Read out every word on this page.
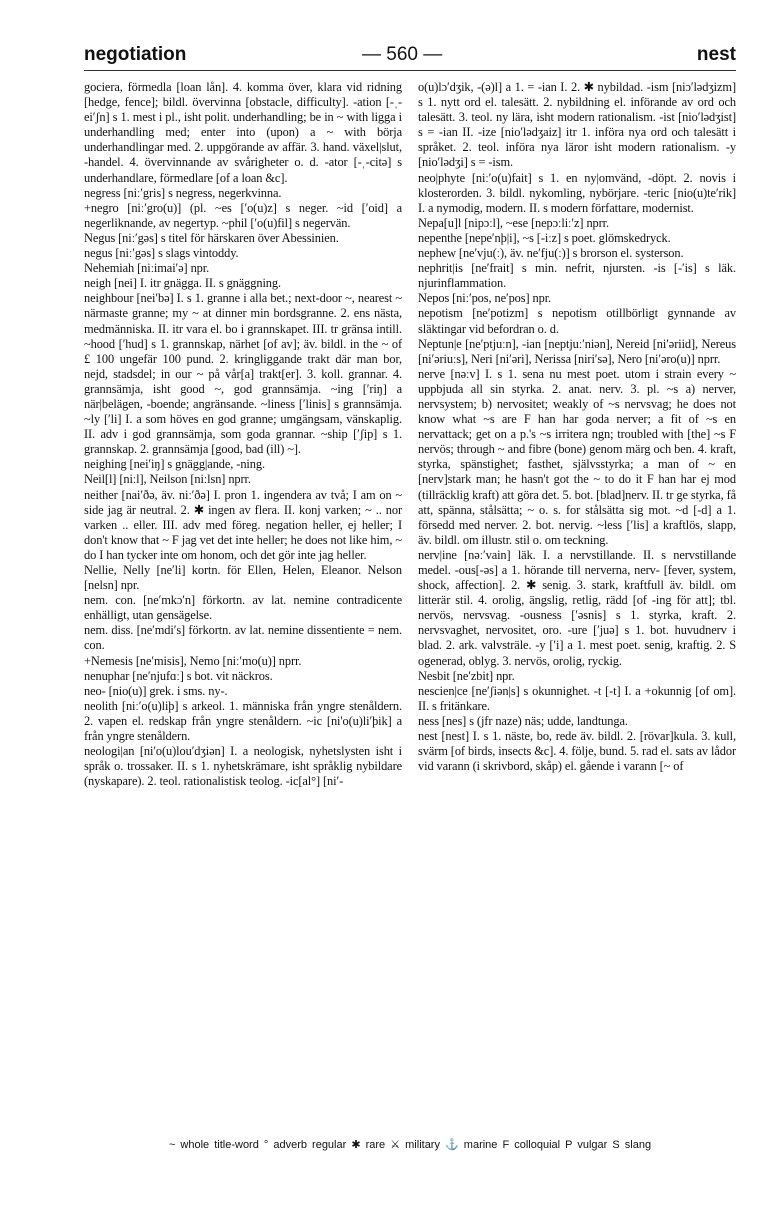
negotiation	— 560 —	nest

gociera, förmedla [loan lån]. 4. komma över, klara vid ridning [hedge, fence]; bildl. övervinna [obstacle, difficulty]. -ation [-ˌ-eiʹʃn] s 1. mest i pl., isht polit. underhandling; be in ~ with ligga i underhandling med; enter into (upon) a ~ with börja underhandlingar med. 2. uppgörande av affär. 3. hand. växel|slut, -handel. 4. övervinnande av svårigheter o. d. -ator [-ˌ-citə] s underhandlare, förmedlare [of a loan &c].

negress [niːʹgris] s negress, negerkvinna.

+negro [niːʹgro(u)] (pl. ~es [ʹo(u)z] s neger. ~id [ʹoid] a negerliknande, av negertyp. ~phil [ʹo(u)fil] s negervän.

Negus [niːʹgəs] s titel för härskaren över Abessinien.

negus [niːʹgəs] s slags vintoddy.

Nehemiah [niːimaiʹə] npr.

neigh [nei] I. itr gnägga. II. s gnäggning.

neighbour [neiʹbə] I. s 1. granne i alla bet.; next-door ~, nearest ~ närmaste granne; my ~ at dinner min bordsgranne. 2. ens nästa, medmänniska. II. itr vara el. bo i grannskapet. III. tr gränsa intill. ~hood [ʹhud] s 1. grannskap, närhet [of av]; äv. bildl. in the ~ of £ 100 ungefär 100 pund. 2. kringliggande trakt där man bor, nejd, stadsdel; in our ~ på vår[a] trakt[er]. 3. koll. grannar. 4. grannsämja, isht good ~, god grannsämja. ~ing [ʹriŋ] a när|belägen, -boende; angränsande. ~liness [ʹlinis] s grannsämja. ~ly [ʹli] I. a som höves en god granne; umgängsam, vänskaplig. II. adv i god grannsämja, som goda grannar. ~ship [ʹʃip] s 1. grannskap. 2. grannsämja [good, bad (ill) ~].

neighing [neiʹiŋ] s gnägg|ande, -ning.

Neil[l] [niːl], Neilson [niːlsn] nprr.

neither [naiʹðə, äv. niːʹðə] I. pron 1. ingendera av två; I am on ~ side jag är neutral. 2. ✱ ingen av flera. II. konj varken; ~ .. nor varken .. eller. III. adv med föreg. negation heller, ej heller; I don't know that ~ F jag vet det inte heller; he does not like him, ~ do I han tycker inte om honom, och det gör inte jag heller.

Nellie, Nelly [neʹli] kortn. för Ellen, Helen, Eleanor. Nelson [nelsn] npr.

nem. con. [neʹmkɔʹn] förkortn. av lat. nemine contradicente enhälligt, utan gensägelse.

nem. diss. [neʹmdiʹs] förkortn. av lat. nemine dissentiente = nem. con.

+Nemesis [neʹmisis], Nemo [niːʹmo(u)] nprr.

nenuphar [neʹnjufɑː] s bot. vit näckros.

neo- [nio(u)] grek. i sms. ny-.

neolith [niːʹo(u)liþ] s arkeol. 1. människa från yngre stenåldern. 2. vapen el. redskap från yngre stenåldern. ~ic [ni'o(u)liʹþik] a från yngre stenåldern.

neologi|an [niʹo(u)louʹdʒiən] I. a neologisk, nyhetslysten isht i språk o. trossaker. II. s 1. nyhetskrämare, isht språklig nybildare (nyskapare). 2. teol. rationalistisk teolog. -ic[al°] [niʹ-

o(u)lɔʹdʒik, -(ə)l] a 1. = -ian I. 2. ✱ nybildad. -ism [niɔʹlədʒizm] s 1. nytt ord el. talesätt. 2. nybildning el. införande av ord och talesätt. 3. teol. ny lära, isht modern rationalism. -ist [nioʹlədʒist] s = -ian II. -ize [nioʹlədʒaiz] itr 1. införa nya ord och talesätt i språket. 2. teol. införa nya läror isht modern rationalism. -y [nioʹlədʒi] s = -ism.

neo|phyte [niːʹo(u)fait] s 1. en ny|omvänd, -döpt. 2. novis i klosterorden. 3. bildl. nykomling, nybörjare. -teric [nio(u)teʹrik] I. a nymodig, modern. II. s modern författare, modernist.

Nepa[u]l [nipɔːl], ~ese [nepɔːliːʹz] nprr.

nepenthe [nepeʹnþ|i], ~s [-iːz] s poet. glömskedryck.

nephew [neʹvju(ː), äv. neʹfju(ː)] s brorson el. systerson.

nephrit|is [neʹfrait] s min. nefrit, njursten. -is [-ʹis] s läk. njurinflammation.

Nepos [niːʹpos, neʹpos] npr.

nepotism [neʹpotizm] s nepotism otillbörligt gynnande av släktingar vid befordran o. d.

Neptun|e [neʹptjuːn], -ian [neptjuːʹniən], Nereid [niʹəriid], Nereus [niʹəriuːs], Neri [niʹəri], Nerissa [niriʹsə], Nero [niʹəro(u)] nprr.

nerve [nəːv] I. s 1. sena nu mest poet. utom i strain every ~ uppbjuda all sin styrka. 2. anat. nerv. 3. pl. ~s a) nerver, nervsystem; b) nervositet; weakly of ~s nervsvag; he does not know what ~s are F han har goda nerver; a fit of ~s en nervattack; get on a p.'s ~s irritera ngn; troubled with [the] ~s F nervös; through ~ and fibre (bone) genom märg och ben. 4. kraft, styrka, spänstighet; fasthet, självsstyrka; a man of ~ en [nerv]stark man; he hasn't got the ~ to do it F han har ej mod (tillräcklig kraft) att göra det. 5. bot. [blad]nerv. II. tr ge styrka, få att, spänna, stålsätta; ~ o. s. for stålsätta sig mot. ~d [-d] a 1. försedd med nerver. 2. bot. nervig. ~less [ʹlis] a kraftlös, slapp, äv. bildl. om illustr. stil o. om teckning.

nerv|ine [nəːʹvain] läk. I. a nervstillande. II. s nervstillande medel. -ous[-əs] a 1. hörande till nerverna, nerv- [fever, system, shock, affection]. 2. ✱ senig. 3. stark, kraftfull äv. bildl. om litterär stil. 4. orolig, ängslig, retlig, rädd [of -ing för att]; tbl. nervös, nervsvag. -ousness [ʹəsnis] s 1. styrka, kraft. 2. nervsvaghet, nervositet, oro. -ure [ʹjuə] s 1. bot. huvudnerv i blad. 2. ark. valvsträle. -y [ʹi] a 1. mest poet. senig, kraftig. 2. S ogenerad, oblyg. 3. nervös, orolig, ryckig.

Nesbit [neʹzbit] npr.

nescien|ce [neʹʃiən|s] s okunnighet. -t [-t] I. a +okunnig [of om]. II. s fritänkare.

ness [nes] s (jfr naze) näs; udde, landtunga.

nest [nest] I. s 1. näste, bo, rede äv. bildl. 2. [rövar]kula. 3. kull, svärm [of birds, insects &c]. 4. följe, bund. 5. rad el. sats av lådor vid varann (i skrivbord, skåp) el. gående i varann [~ of

~ whole title-word ° adverb regular ✱ rare ⚔ military ⚓ marine F colloquial P vulgar S slang
